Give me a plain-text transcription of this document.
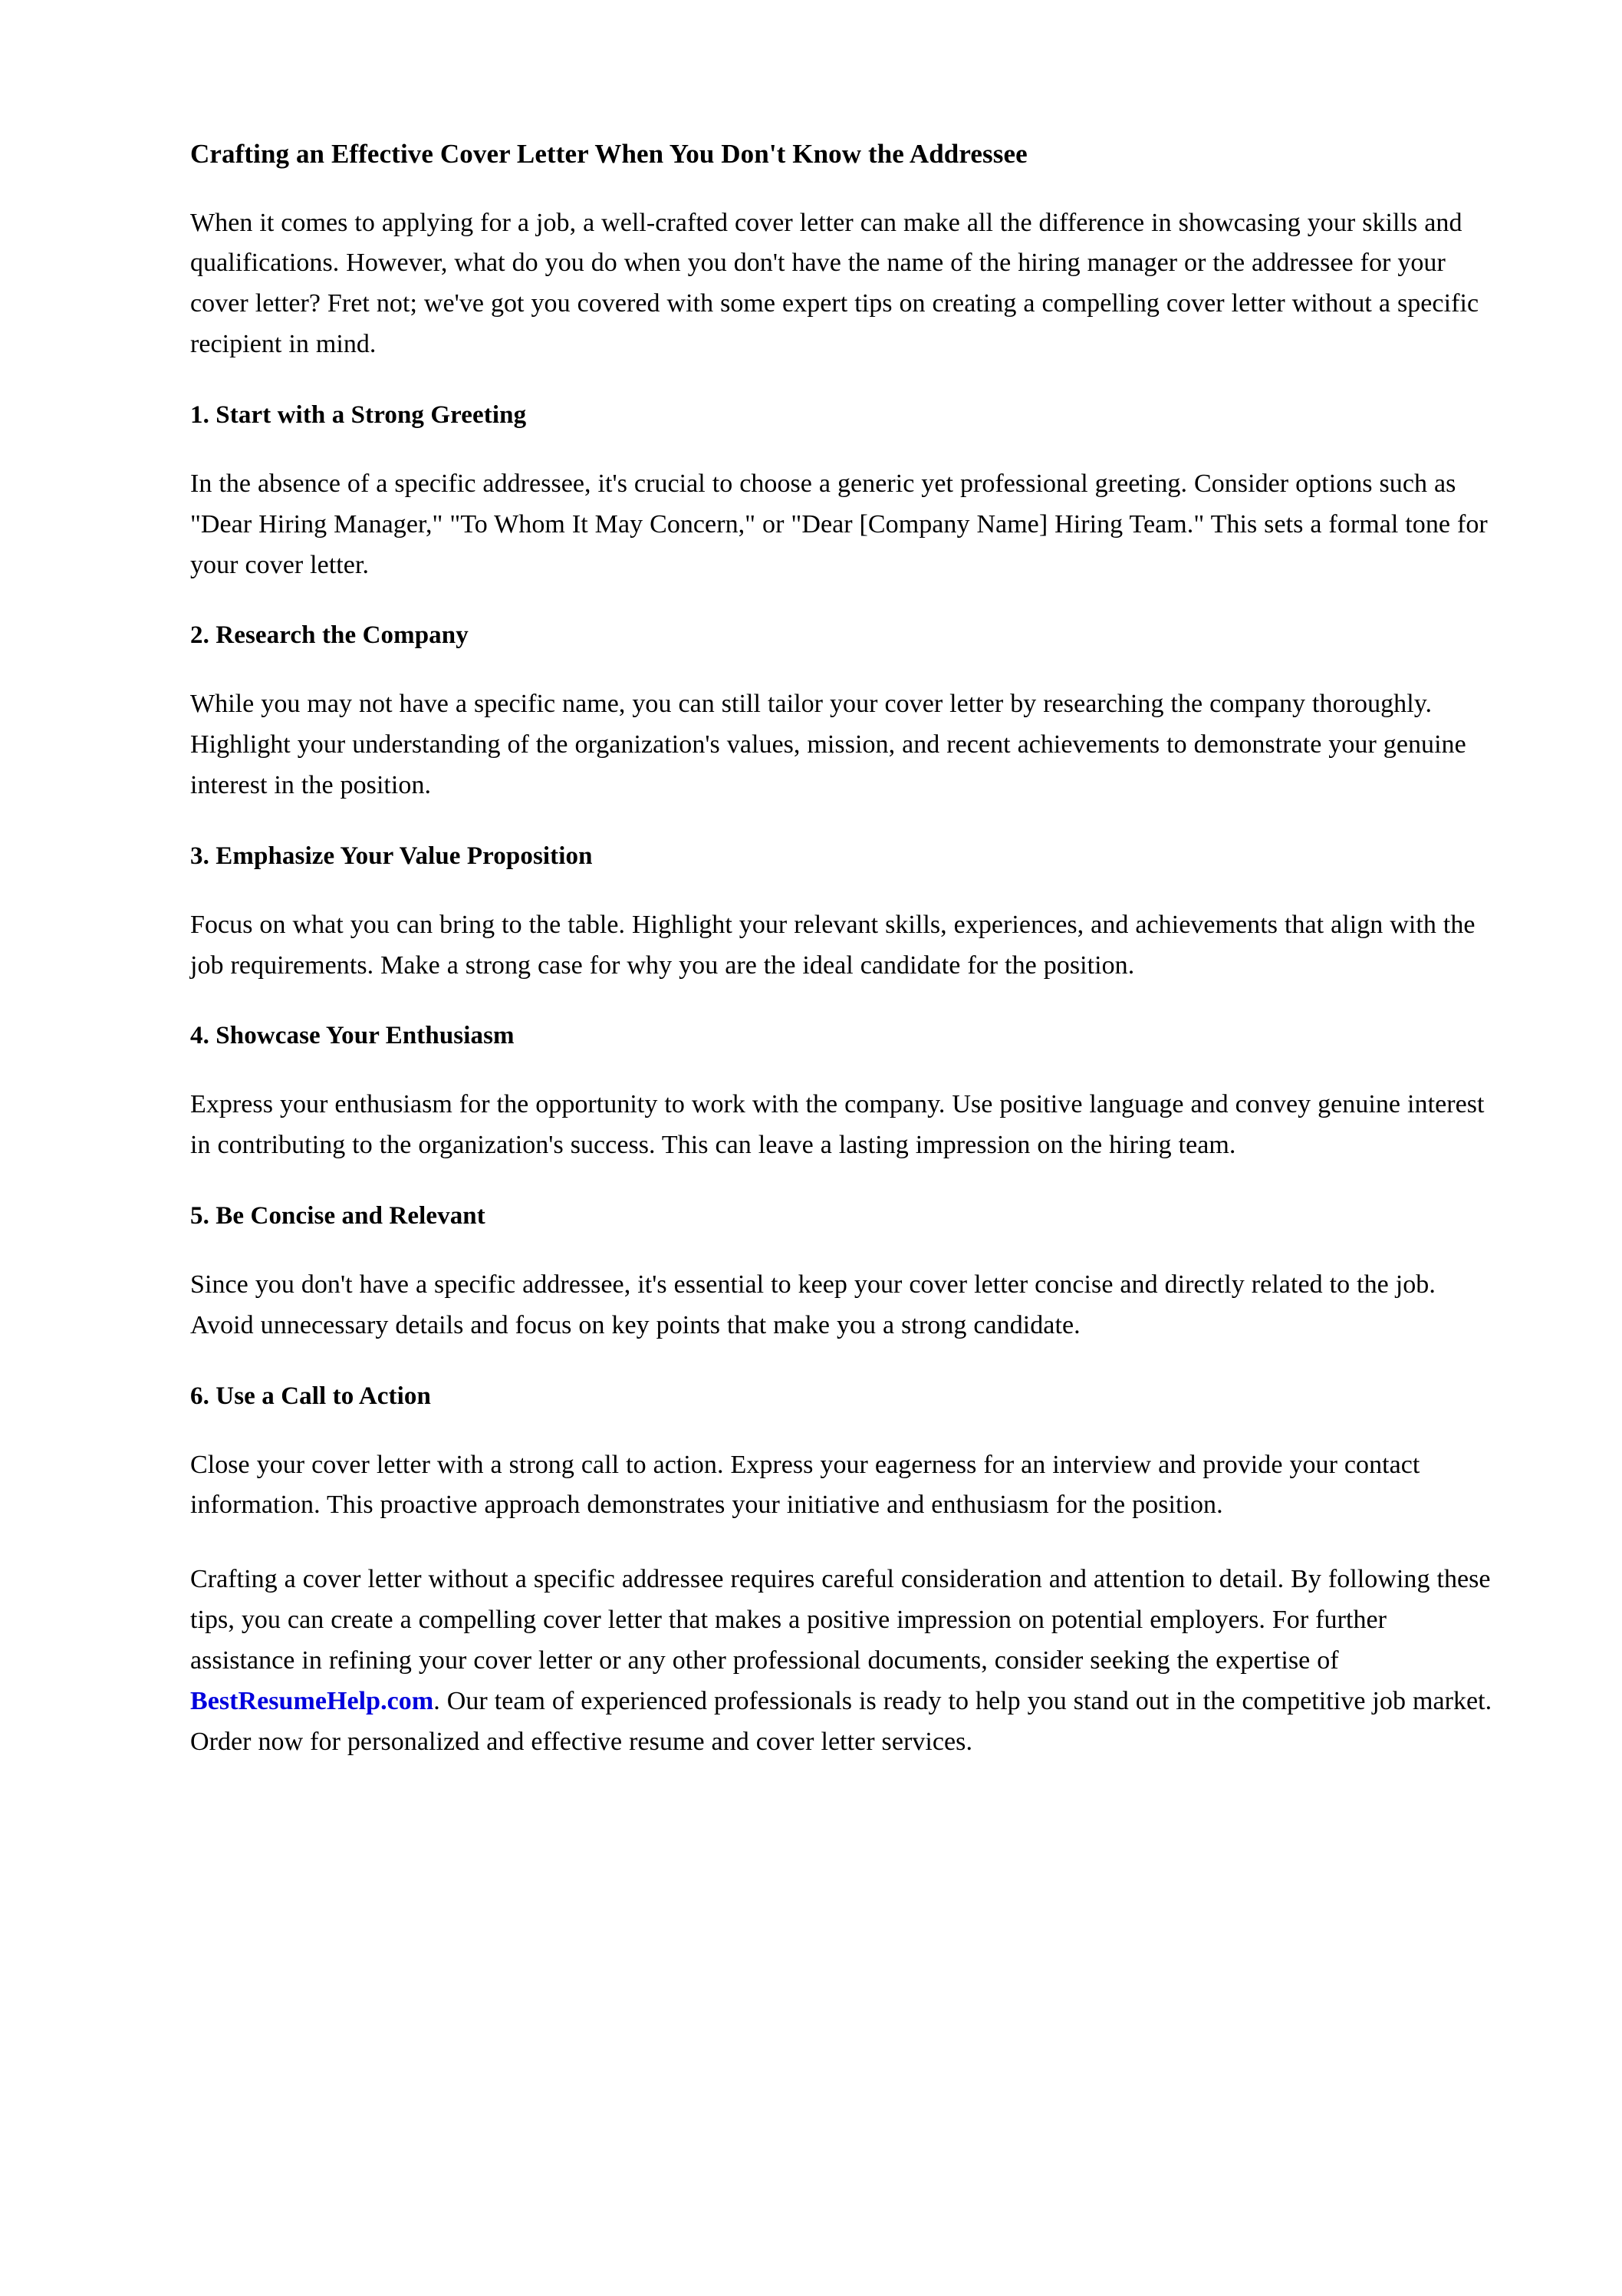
Crafting an Effective Cover Letter When You Don't Know the Addressee

When it comes to applying for a job, a well-crafted cover letter can make all the difference in showcasing your skills and qualifications. However, what do you do when you don't have the name of the hiring manager or the addressee for your cover letter? Fret not; we've got you covered with some expert tips on creating a compelling cover letter without a specific recipient in mind.

1. Start with a Strong Greeting

In the absence of a specific addressee, it's crucial to choose a generic yet professional greeting. Consider options such as "Dear Hiring Manager," "To Whom It May Concern," or "Dear [Company Name] Hiring Team." This sets a formal tone for your cover letter.

2. Research the Company

While you may not have a specific name, you can still tailor your cover letter by researching the company thoroughly. Highlight your understanding of the organization's values, mission, and recent achievements to demonstrate your genuine interest in the position.

3. Emphasize Your Value Proposition

Focus on what you can bring to the table. Highlight your relevant skills, experiences, and achievements that align with the job requirements. Make a strong case for why you are the ideal candidate for the position.

4. Showcase Your Enthusiasm

Express your enthusiasm for the opportunity to work with the company. Use positive language and convey genuine interest in contributing to the organization's success. This can leave a lasting impression on the hiring team.

5. Be Concise and Relevant

Since you don't have a specific addressee, it's essential to keep your cover letter concise and directly related to the job. Avoid unnecessary details and focus on key points that make you a strong candidate.

6. Use a Call to Action

Close your cover letter with a strong call to action. Express your eagerness for an interview and provide your contact information. This proactive approach demonstrates your initiative and enthusiasm for the position.

Crafting a cover letter without a specific addressee requires careful consideration and attention to detail. By following these tips, you can create a compelling cover letter that makes a positive impression on potential employers. For further assistance in refining your cover letter or any other professional documents, consider seeking the expertise of BestResumeHelp.com. Our team of experienced professionals is ready to help you stand out in the competitive job market. Order now for personalized and effective resume and cover letter services.
